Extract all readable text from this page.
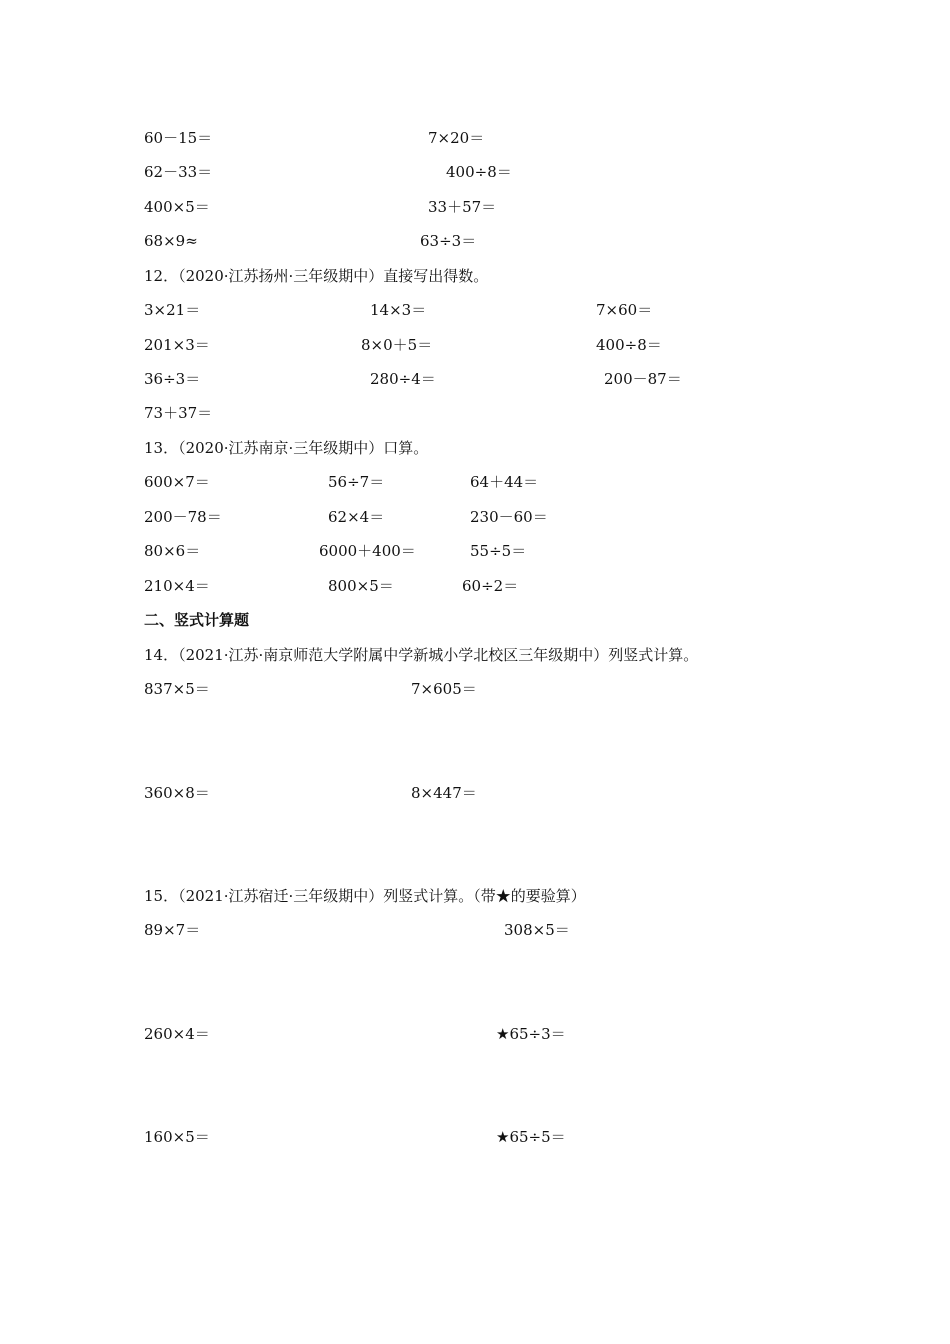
60－15＝	7×20＝
62－33＝	400÷8＝
400×5＝	33＋57＝
68×9≈	63÷3＝
12．（2020·江苏扬州·三年级期中）直接写出得数。
3×21＝	14×3＝	7×60＝
201×3＝	8×0＋5＝	400÷8＝
36÷3＝	280÷4＝	200－87＝
73＋37＝
13．（2020·江苏南京·三年级期中）口算。
600×7＝	56÷7＝	64＋44＝
200－78＝	62×4＝	230－60＝
80×6＝	6000＋400＝	55÷5＝
210×4＝	800×5＝	60÷2＝
二、竖式计算题
14．（2021·江苏·南京师范大学附属中学新城小学北校区三年级期中）列竖式计算。
837×5＝	7×605＝
360×8＝	8×447＝
15．（2021·江苏宿迁·三年级期中）列竖式计算。（带★的要验算）
89×7＝	308×5＝
260×4＝	★65÷3＝
160×5＝	★65÷5＝
